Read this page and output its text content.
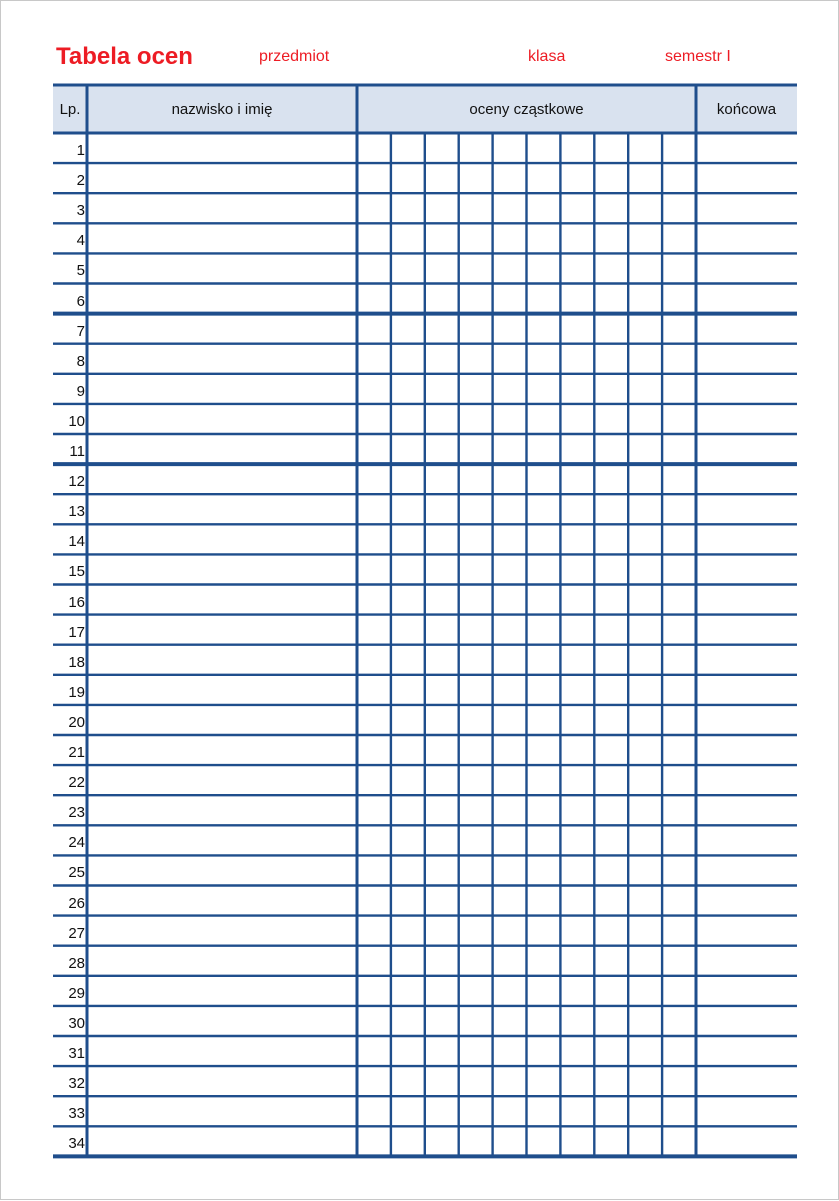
Tabela ocen	przedmiot	klasa	semestr I
Lp.	nazwisko i imię	oceny cząstkowe	końcowa
1
2
3
4
5
6
7
8
9
10
11
12
13
14
15
16
17
18
19
20
21
22
23
24
25
26
27
28
29
30
31
32
33
34
